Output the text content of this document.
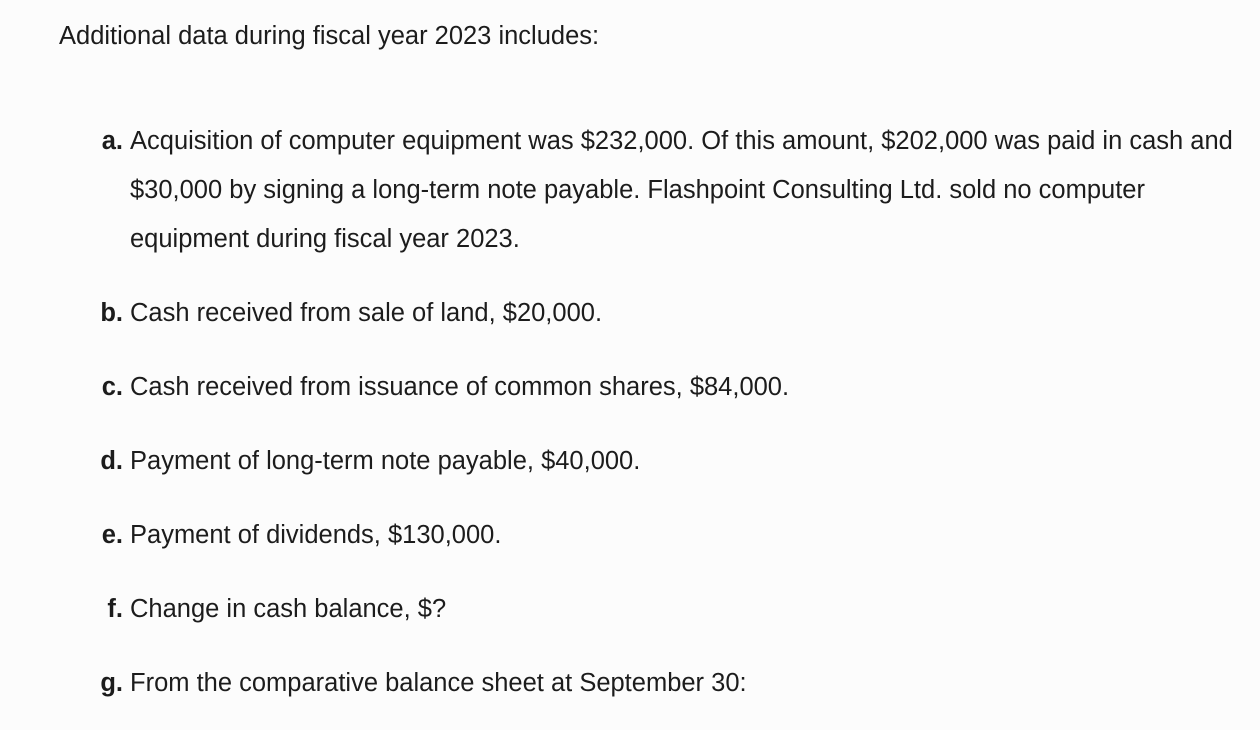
Additional data during fiscal year 2023 includes:
a. Acquisition of computer equipment was $232,000. Of this amount, $202,000 was paid in cash and
$30,000 by signing a long-term note payable. Flashpoint Consulting Ltd. sold no computer
equipment during fiscal year 2023.
b. Cash received from sale of land, $20,000.
c. Cash received from issuance of common shares, $84,000.
d. Payment of long-term note payable, $40,000.
e. Payment of dividends, $130,000.
f. Change in cash balance, $?
g. From the comparative balance sheet at September 30:
